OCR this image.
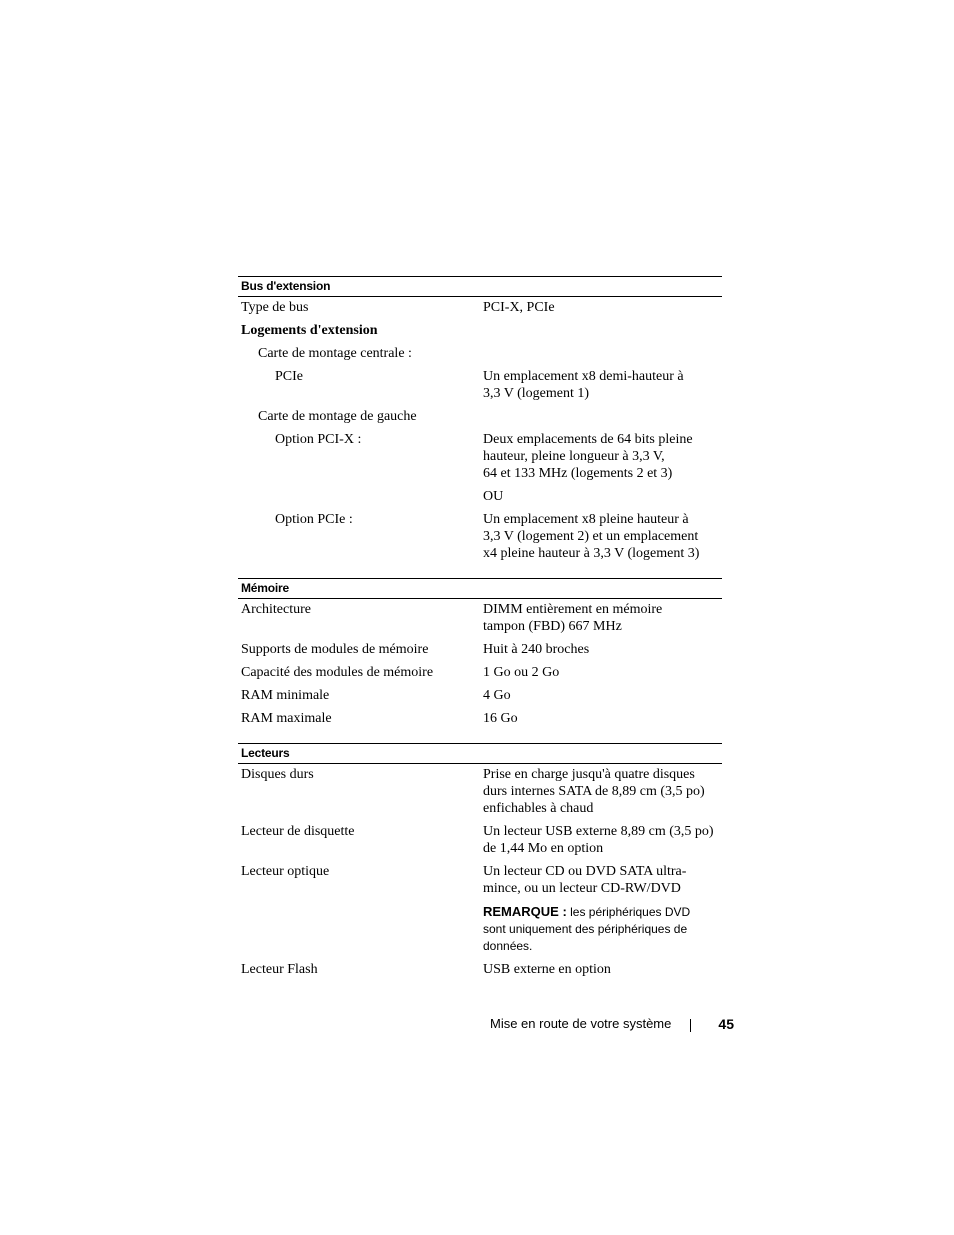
Bus d'extension
Type de bus	PCI-X, PCIe
Logements d'extension
Carte de montage centrale :
PCIe	Un emplacement x8 demi-hauteur à
3,3 V (logement 1)
Carte de montage de gauche
Option PCI-X :	Deux emplacements de 64 bits pleine
hauteur, pleine longueur à 3,3 V,
64 et 133 MHz (logements 2 et 3)
OU
Option PCIe :	Un emplacement x8 pleine hauteur à
3,3 V (logement 2) et un emplacement
x4 pleine hauteur à 3,3 V (logement 3)
Mémoire
Architecture	DIMM entièrement en mémoire
tampon (FBD) 667 MHz
Supports de modules de mémoire	Huit à 240 broches
Capacité des modules de mémoire	1 Go ou 2 Go
RAM minimale	4 Go
RAM maximale	16 Go
Lecteurs
Disques durs	Prise en charge jusqu'à quatre disques
durs internes SATA de 8,89 cm (3,5 po)
enfichables à chaud
Lecteur de disquette	Un lecteur USB externe 8,89 cm (3,5 po)
de 1,44 Mo en option
Lecteur optique	Un lecteur CD ou DVD SATA ultra-
mince, ou un lecteur CD-RW/DVD
REMARQUE : les périphériques DVD
sont uniquement des périphériques de
données.
Lecteur Flash	USB externe en option
Mise en route de votre système	45
